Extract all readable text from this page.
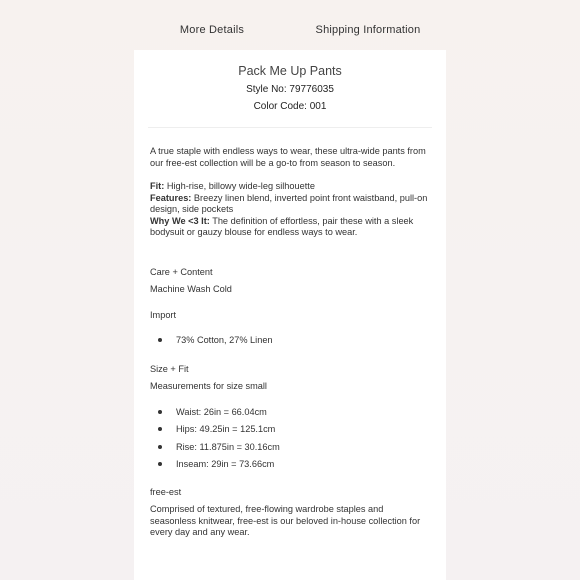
More Details	Shipping Information

Pack Me Up Pants

Style No: 79776035
Color Code: 001

A true staple with endless ways to wear, these ultra-wide pants from our free-est collection will be a go-to from season to season.

Fit: High-rise, billowy wide-leg silhouette

Features: Breezy linen blend, inverted point front waistband, pull-on design, side pockets

Why We <3 It: The definition of effortless, pair these with a sleek bodysuit or gauzy blouse for endless ways to wear.

Care + Content
Machine Wash Cold
Import
73% Cotton, 27% Linen
Size + Fit
Measurements for size small
Waist: 26in = 66.04cm
Hips: 49.25in = 125.1cm
Rise: 11.875in = 30.16cm
Inseam: 29in = 73.66cm
free-est

Comprised of textured, free-flowing wardrobe staples and seasonless knitwear, free-est is our beloved in-house collection for every day and any wear.
